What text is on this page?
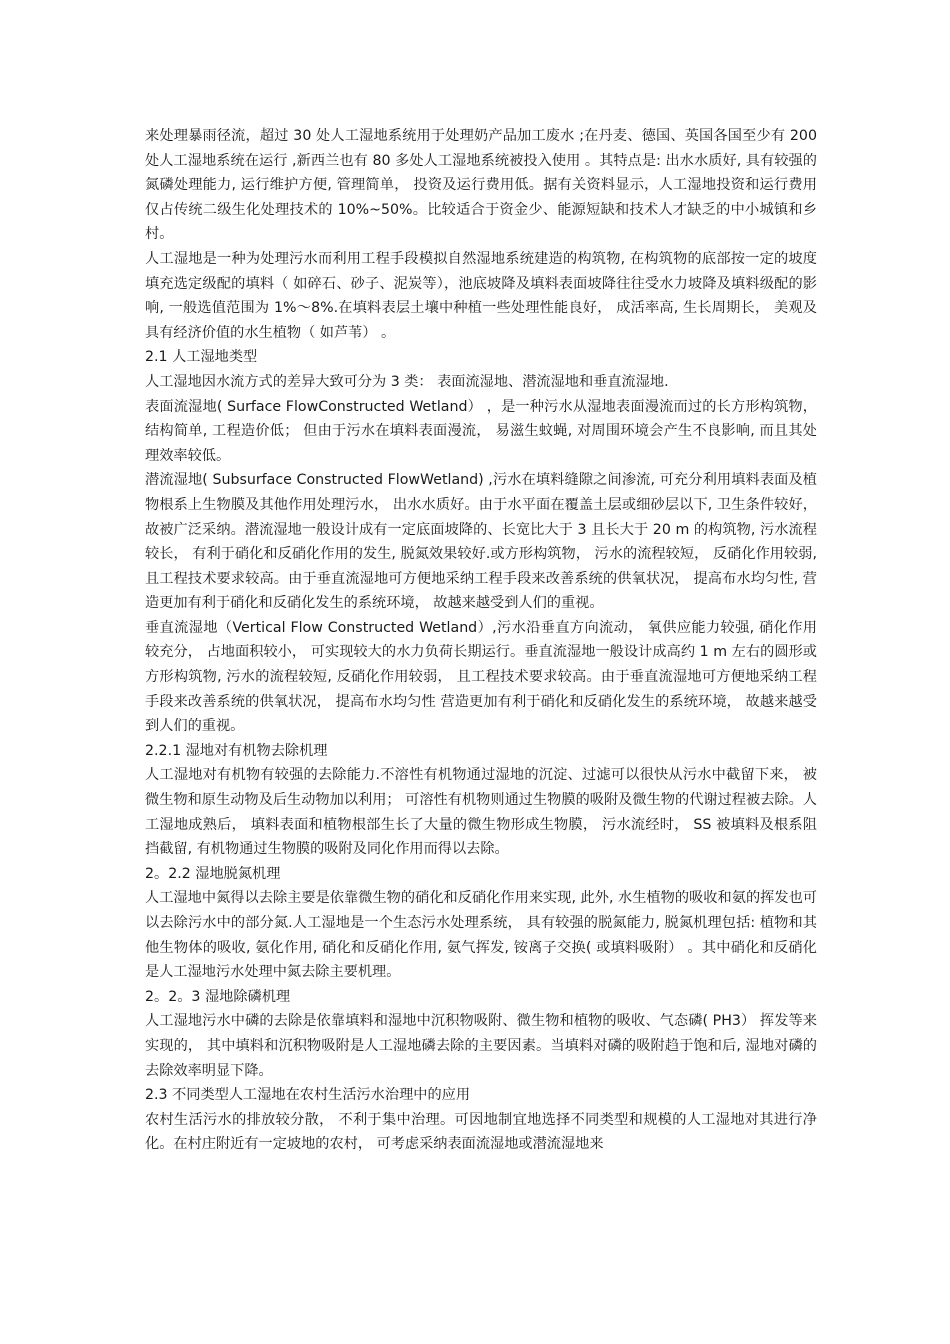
来处理暴雨径流，超过 30 处人工湿地系统用于处理奶产品加工废水 ;在丹麦、德国、英国各国至少有 200 处人工湿地系统在运行 ,新西兰也有 80 多处人工湿地系统被投入使用 。其特点是: 出水水质好, 具有较强的氮磷处理能力, 运行维护方便, 管理简单， 投资及运行费用低。据有关资料显示，人工湿地投资和运行费用仅占传统二级生化处理技术的 10%~50%。比较适合于资金少、能源短缺和技术人才缺乏的中小城镇和乡村。

人工湿地是一种为处理污水而利用工程手段模拟自然湿地系统建造的构筑物, 在构筑物的底部按一定的坡度填充选定级配的填料（ 如碎石、砂子、泥炭等），池底坡降及填料表面坡降往往受水力坡降及填料级配的影响, 一般选值范围为 1%～8%.在填料表层土壤中种植一些处理性能良好， 成活率高, 生长周期长， 美观及具有经济价值的水生植物（ 如芦苇） 。

2.1 人工湿地类型

人工湿地因水流方式的差异大致可分为 3 类： 表面流湿地、潜流湿地和垂直流湿地.

表面流湿地( Surface FlowConstructed Wetland） ，是一种污水从湿地表面漫流而过的长方形构筑物， 结构简单, 工程造价低； 但由于污水在填料表面漫流， 易滋生蚊蝇, 对周围环境会产生不良影响, 而且其处理效率较低。

潜流湿地( Subsurface Constructed FlowWetland) ,污水在填料缝隙之间渗流, 可充分利用填料表面及植物根系上生物膜及其他作用处理污水， 出水水质好。由于水平面在覆盖土层或细砂层以下, 卫生条件较好， 故被广泛采纳。潜流湿地一般设计成有一定底面坡降的、长宽比大于 3 且长大于 20 m 的构筑物, 污水流程较长， 有利于硝化和反硝化作用的发生, 脱氮效果较好.或方形构筑物， 污水的流程较短， 反硝化作用较弱, 且工程技术要求较高。由于垂直流湿地可方便地采纳工程手段来改善系统的供氧状况， 提高布水均匀性, 营造更加有利于硝化和反硝化发生的系统环境， 故越来越受到人们的重视。

垂直流湿地（Vertical Flow Constructed Wetland）,污水沿垂直方向流动， 氧供应能力较强, 硝化作用较充分， 占地面积较小， 可实现较大的水力负荷长期运行。垂直流湿地一般设计成高约 1 m 左右的圆形或方形构筑物, 污水的流程较短, 反硝化作用较弱， 且工程技术要求较高。由于垂直流湿地可方便地采纳工程手段来改善系统的供氧状况， 提高布水均匀性 营造更加有利于硝化和反硝化发生的系统环境， 故越来越受到人们的重视。

2.2.1 湿地对有机物去除机理

人工湿地对有机物有较强的去除能力.不溶性有机物通过湿地的沉淀、过滤可以很快从污水中截留下来， 被微生物和原生动物及后生动物加以利用； 可溶性有机物则通过生物膜的吸附及微生物的代谢过程被去除。人工湿地成熟后， 填料表面和植物根部生长了大量的微生物形成生物膜， 污水流经时， SS 被填料及根系阻挡截留, 有机物通过生物膜的吸附及同化作用而得以去除。

2。2.2 湿地脱氮机理

人工湿地中氮得以去除主要是依靠微生物的硝化和反硝化作用来实现, 此外, 水生植物的吸收和氨的挥发也可以去除污水中的部分氮.人工湿地是一个生态污水处理系统， 具有较强的脱氮能力, 脱氮机理包括: 植物和其他生物体的吸收, 氨化作用, 硝化和反硝化作用, 氨气挥发, 铵离子交换( 或填料吸附） 。其中硝化和反硝化是人工湿地污水处理中氮去除主要机理。

2。2。3 湿地除磷机理

人工湿地污水中磷的去除是依靠填料和湿地中沉积物吸附、微生物和植物的吸收、气态磷( PH3） 挥发等来实现的， 其中填料和沉积物吸附是人工湿地磷去除的主要因素。当填料对磷的吸附趋于饱和后, 湿地对磷的去除效率明显下降。

2.3 不同类型人工湿地在农村生活污水治理中的应用

农村生活污水的排放较分散， 不利于集中治理。可因地制宜地选择不同类型和规模的人工湿地对其进行净化。在村庄附近有一定坡地的农村， 可考虑采纳表面流湿地或潜流湿地来
